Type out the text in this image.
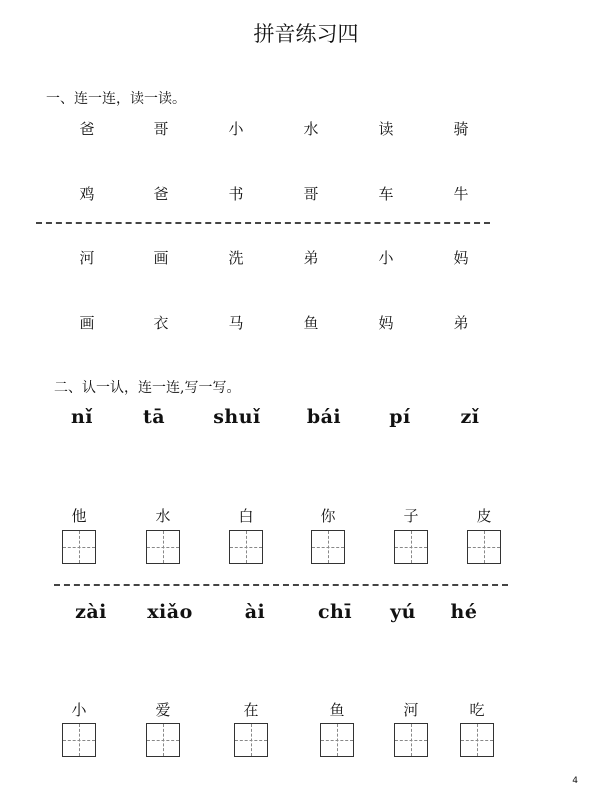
拼音练习四
一、连一连，读一读。
爸	哥	小	水	读	骑
鸡	爸	书	哥	车	牛
河	画	洗	弟	小	妈
画	衣	马	鱼	妈	弟
二、认一认，连一连,写一写。
nǐ	tā	shuǐ	bái	pí	zǐ
他	水	白	你	子	皮
zài	xiǎo	ài	chī	yú	hé
小	爱	在	鱼	河	吃
4
